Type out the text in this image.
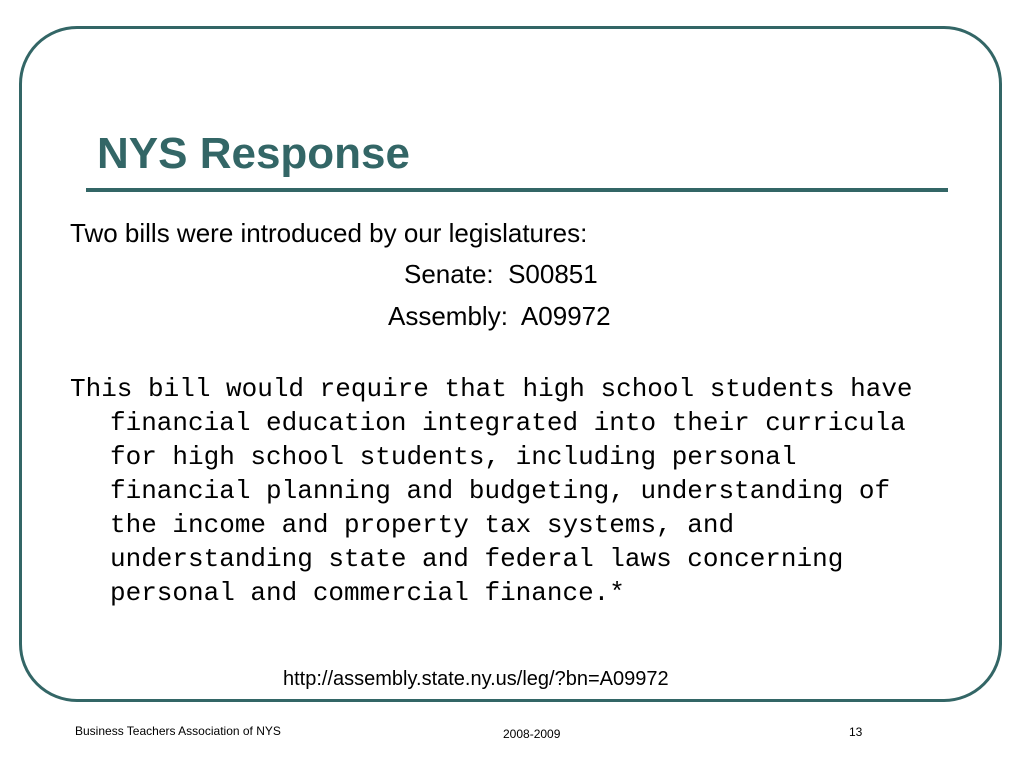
NYS Response
Two bills were introduced by our legislatures:
Senate:  S00851
Assembly:  A09972

This bill would require that high school students have financial education integrated into their curricula for high school students, including personal financial planning and budgeting, understanding of the income and property tax systems, and understanding state and federal laws concerning personal and commercial finance.*

http://assembly.state.ny.us/leg/?bn=A09972
Business Teachers Association of NYS	2008-2009	13
